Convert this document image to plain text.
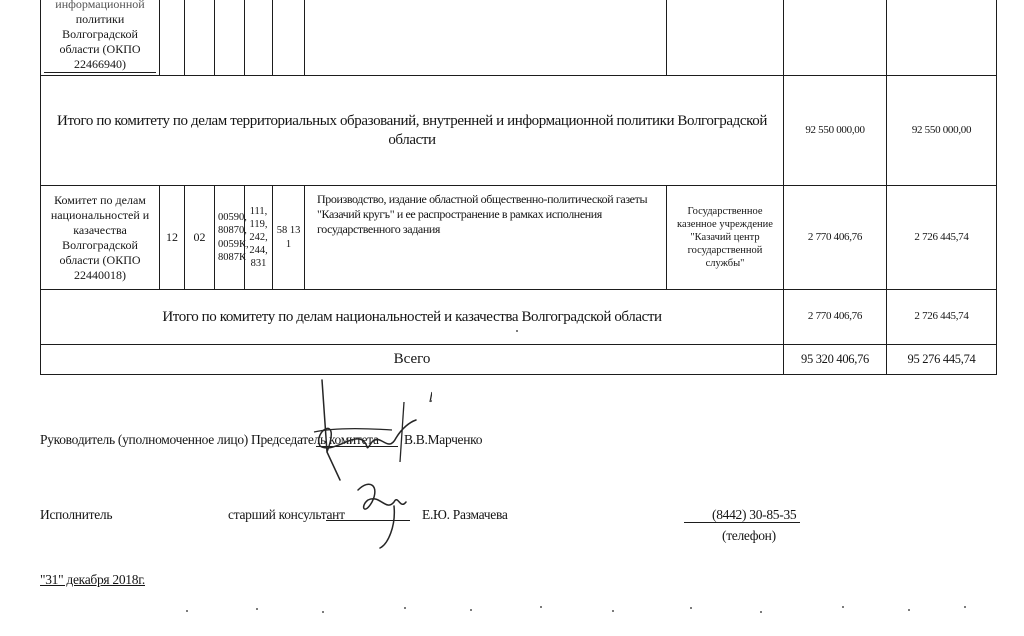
информационной
политики Волгоградской
области (ОКПО 22466940)									
Итого по комитету по делам территориальных образований, внутренней и информационной политики Волгоградской области								92 550 000,00	92 550 000,00
Комитет по делам национальностей и казачества Волгоградской области (ОКПО 22440018)	12	02	00590, 80870, 0059К, 8087К	111, 119, 242, 244, 831	58 13 1	Производство, издание областной общественно-политической газеты "Казачий кругъ" и ее распространение в рамках исполнения государственного задания	Государственное казенное учреждение "Казачий центр государственной службы"	2 770 406,76	2 726 445,74
Итого по комитету по делам национальностей и казачества Волгоградской области								2 770 406,76	2 726 445,74
Всего								95 320 406,76	95 276 445,74
Руководитель (уполномоченное лицо) Председатель комитета В.В.Марченко
Исполнитель	старший консультант	Е.Ю. Размачева	(8442) 30-85-35
(телефон)
"31" декабря 2018г.
